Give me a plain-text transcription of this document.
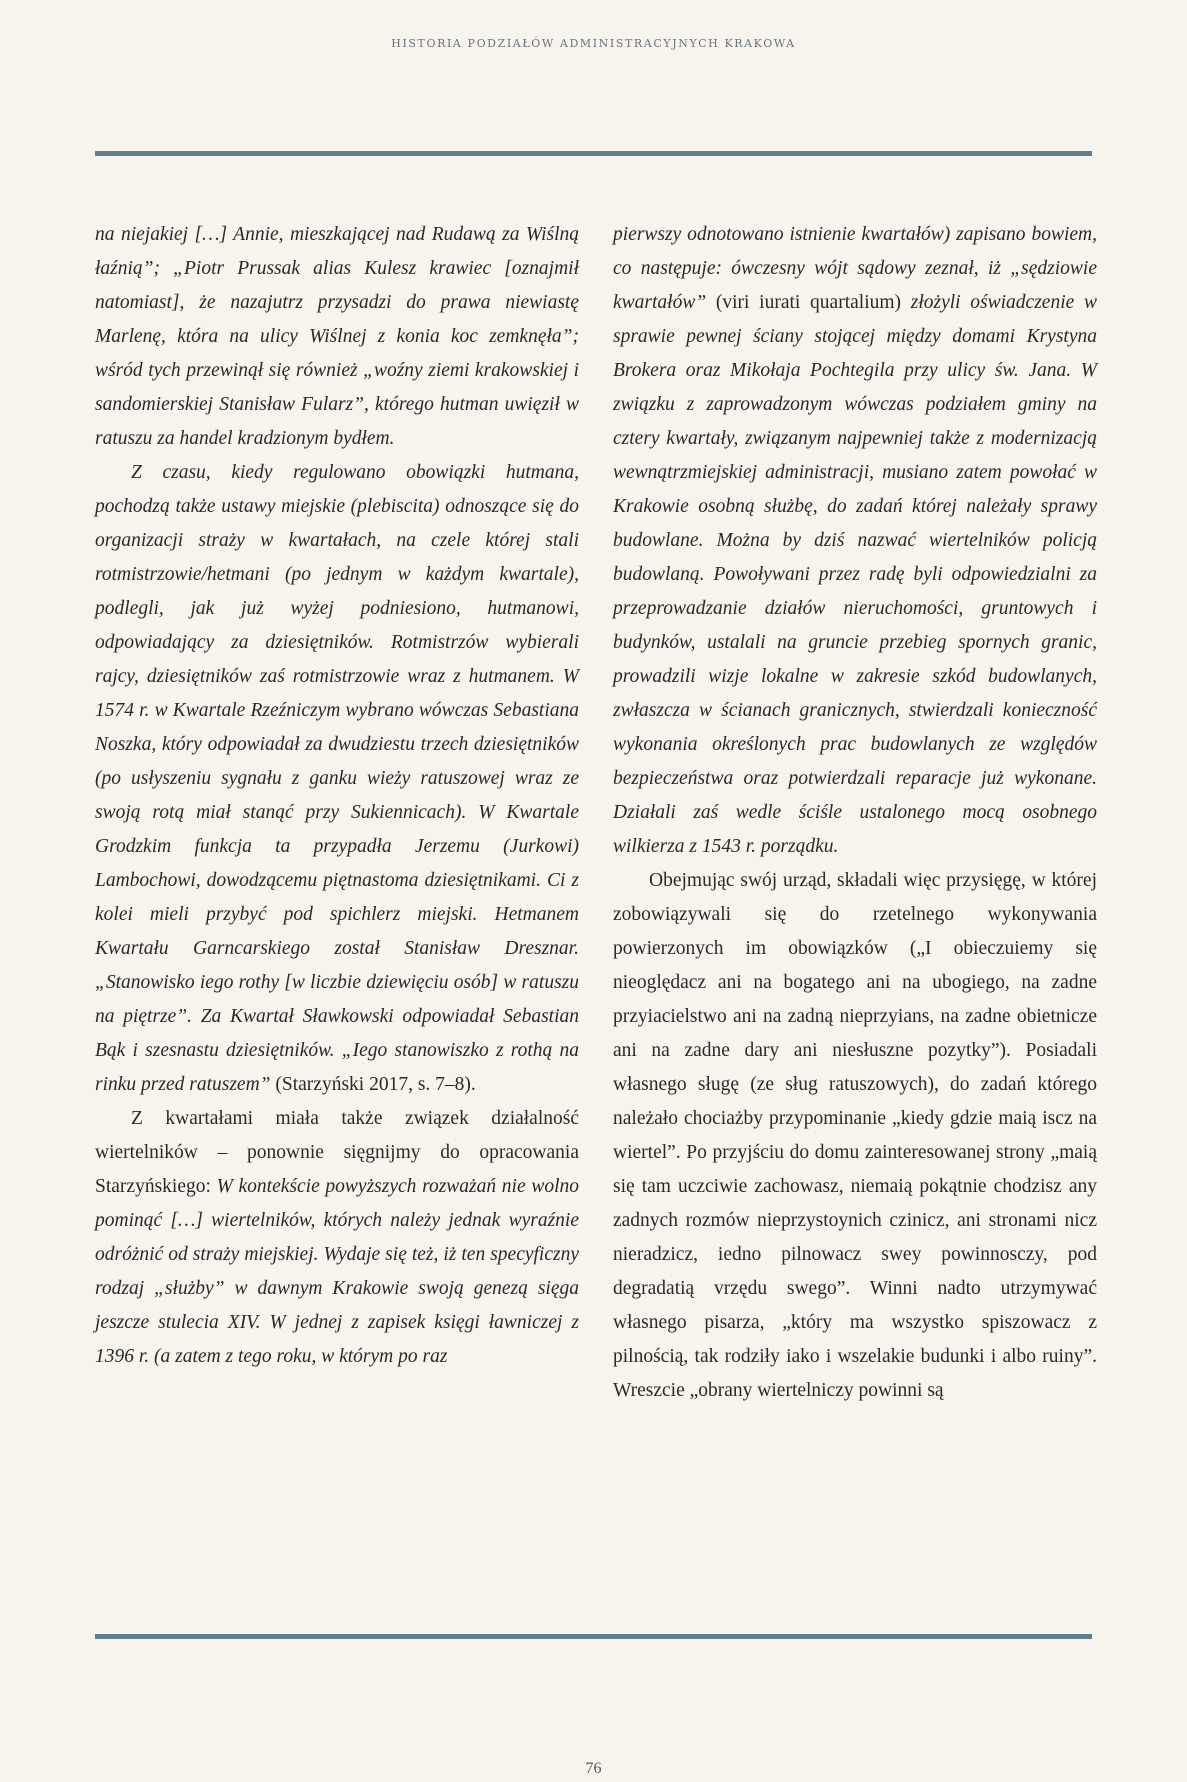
HISTORIA PODZIAŁÓW ADMINISTRACYJNYCH KRAKOWA

na niejakiej […] Annie, mieszkającej nad Rudawą za Wiślną łaźnią”; „Piotr Prussak alias Kulesz krawiec [oznajmił natomiast], że nazajutrz przysadzi do prawa niewiastę Marlenę, która na ulicy Wiślnej z konia koc zemknęła”; wśród tych przewinął się również „woźny ziemi krakowskiej i sandomierskiej Stanisław Fularz”, którego hutman uwięził w ratuszu za handel kradzionym bydłem.

Z czasu, kiedy regulowano obowiązki hutmana, pochodzą także ustawy miejskie (plebiscita) odnoszące się do organizacji straży w kwartałach, na czele której stali rotmistrzowie/hetmani (po jednym w każdym kwartale), podlegli, jak już wyżej podniesiono, hutmanowi, odpowiadający za dziesiętników. Rotmistrzów wybierali rajcy, dziesiętników zaś rotmistrzowie wraz z hutmanem. W 1574 r. w Kwartale Rzeźniczym wybrano wówczas Sebastiana Noszka, który odpowiadał za dwudziestu trzech dziesiętników (po usłyszeniu sygnału z ganku wieży ratuszowej wraz ze swoją rotą miał stanąć przy Sukiennicach). W Kwartale Grodzkim funkcja ta przypadła Jerzemu (Jurkowi) Lambochowi, dowodzącemu piętnastoma dziesiętnikami. Ci z kolei mieli przybyć pod spichlerz miejski. Hetmanem Kwartału Garncarskiego został Stanisław Dresznar. „Stanowisko iego rothy [w liczbie dziewięciu osób] w ratuszu na piętrze”. Za Kwartał Sławkowski odpowiadał Sebastian Bąk i szesnastu dziesiętników. „Iego stanowiszko z rothą na rinku przed ratuszem” (Starzyński 2017, s. 7–8).

Z kwartałami miała także związek działalność wiertelników – ponownie sięgnijmy do opracowania Starzyńskiego: W kontekście powyższych rozważań nie wolno pominąć […] wiertelników, których należy jednak wyraźnie odróżnić od straży miejskiej. Wydaje się też, iż ten specyficzny rodzaj „służby” w dawnym Krakowie swoją genezą sięga jeszcze stulecia XIV. W jednej z zapisek księgi ławniczej z 1396 r. (a zatem z tego roku, w którym po raz

pierwszy odnotowano istnienie kwartałów) zapisano bowiem, co następuje: ówczesny wójt sądowy zeznał, iż „sędziowie kwartałów” (viri iurati quartalium) złożyli oświadczenie w sprawie pewnej ściany stojącej między domami Krystyna Brokera oraz Mikołaja Pochtegila przy ulicy św. Jana. W związku z zaprowadzonym wówczas podziałem gminy na cztery kwartały, związanym najpewniej także z modernizacją wewnątrzmiejskiej administracji, musiano zatem powołać w Krakowie osobną służbę, do zadań której należały sprawy budowlane. Można by dziś nazwać wiertelników policją budowlaną. Powoływani przez radę byli odpowiedzialni za przeprowadzanie działów nieruchomości, gruntowych i budynków, ustalali na gruncie przebieg spornych granic, prowadzili wizje lokalne w zakresie szkód budowlanych, zwłaszcza w ścianach granicznych, stwierdzali konieczność wykonania określonych prac budowlanych ze względów bezpieczeństwa oraz potwierdzali reparacje już wykonane. Działali zaś wedle ściśle ustalonego mocą osobnego wilkierza z 1543 r. porządku.

Obejmując swój urząd, składali więc przysięgę, w której zobowiązywali się do rzetelnego wykonywania powierzonych im obowiązków („I obieczuiemy się nieoględacz ani na bogatego ani na ubogiego, na zadne przyiacielstwo ani na zadną nieprzyians, na zadne obietnicze ani na zadne dary ani niesłuszne pozytky”). Posiadali własnego sługę (ze sług ratuszowych), do zadań którego należało chociażby przypominanie „kiedy gdzie maią iscz na wiertel”. Po przyjściu do domu zainteresowanej strony „maią się tam uczciwie zachowasz, niemaią pokątnie chodzisz any zadnych rozmów nieprzystoynich czinicz, ani stronami nicz nieradzicz, iedno pilnowacz swey powinnosczy, pod degradatią vrzędu swego”. Winni nadto utrzymywać własnego pisarza, „który ma wszystko spiszowacz z pilnością, tak rodziły iako i wszelakie budunki i albo ruiny”. Wreszcie „obrany wiertelniczy powinni są

76
